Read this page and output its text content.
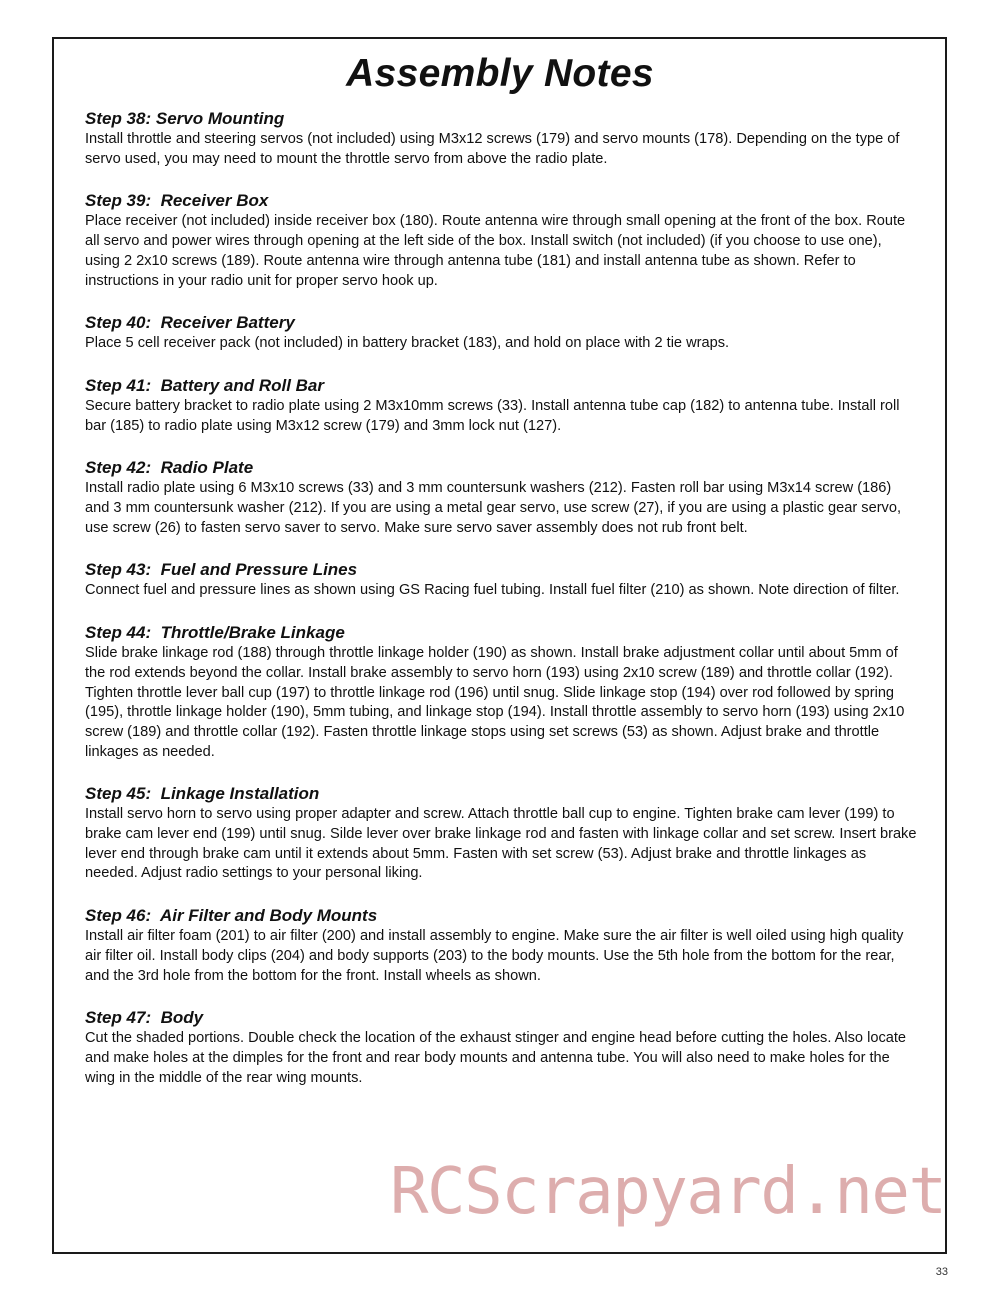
Assembly Notes

Step 38: Servo Mounting

Install throttle and steering servos (not included) using M3x12 screws (179) and servo mounts (178). Depending on the type of servo used, you may need to mount the throttle servo from above the radio plate.

Step 39:  Receiver Box

Place receiver (not included) inside receiver box (180). Route antenna wire through small opening at the front of the box. Route all servo and power wires through opening at the left side of the box. Install switch (not included) (if you choose to use one), using 2 2x10 screws (189). Route antenna wire through antenna tube (181) and install antenna tube as shown. Refer to instructions in your radio unit for proper servo hook up.

Step 40:  Receiver Battery

Place 5 cell receiver pack (not included) in battery bracket (183), and hold on place with 2 tie wraps.

Step 41:  Battery and Roll Bar

Secure battery bracket to radio plate using 2 M3x10mm screws (33). Install antenna tube cap (182) to antenna tube. Install roll bar (185) to radio plate using M3x12 screw (179) and 3mm lock nut (127).

Step 42:  Radio Plate

Install radio plate using 6 M3x10 screws (33) and 3 mm countersunk washers (212). Fasten roll bar using M3x14 screw (186) and 3 mm countersunk washer (212). If you are using a metal gear servo, use screw (27), if you are using a plastic gear servo, use screw (26) to fasten servo saver to servo. Make sure servo saver assembly does not rub front belt.

Step 43:  Fuel and Pressure Lines

Connect fuel and pressure lines as shown using GS Racing fuel tubing. Install fuel filter (210) as shown. Note direction of filter.

Step 44:  Throttle/Brake Linkage

Slide brake linkage rod (188) through throttle linkage holder (190) as shown. Install brake adjustment collar until about 5mm of the rod extends beyond the collar. Install brake assembly to servo horn (193) using 2x10 screw (189) and throttle collar (192). Tighten throttle lever ball cup (197) to throttle linkage rod (196) until snug. Slide linkage stop (194) over rod followed by spring (195), throttle linkage holder (190), 5mm tubing, and linkage stop (194). Install throttle assembly to servo horn (193) using 2x10 screw (189) and throttle collar (192). Fasten throttle linkage stops using set screws (53) as shown. Adjust brake and throttle linkages as needed.

Step 45:  Linkage Installation

Install servo horn to servo using proper adapter and screw. Attach throttle ball cup to engine. Tighten brake cam lever (199) to brake cam lever end (199) until snug. Silde lever over brake linkage rod and fasten with linkage collar and set screw. Insert brake lever end through brake cam until it extends about 5mm. Fasten with set screw (53). Adjust brake and throttle linkages as needed. Adjust radio settings to your personal liking.

Step 46:  Air Filter and Body Mounts

Install air filter foam (201) to air filter (200) and install assembly to engine. Make sure the air filter is well oiled using high quality air filter oil. Install body clips (204) and body supports (203) to the body mounts. Use the 5th hole from the bottom for the rear, and the 3rd hole from the bottom for the front. Install wheels as shown.

Step 47:  Body

Cut the shaded portions. Double check the location of the exhaust stinger and engine head before cutting the holes. Also locate and make holes at the dimples for the front and rear body mounts and antenna tube. You will also need to make holes for the wing in the middle of the rear wing mounts.

RCScrapyard.net
33
